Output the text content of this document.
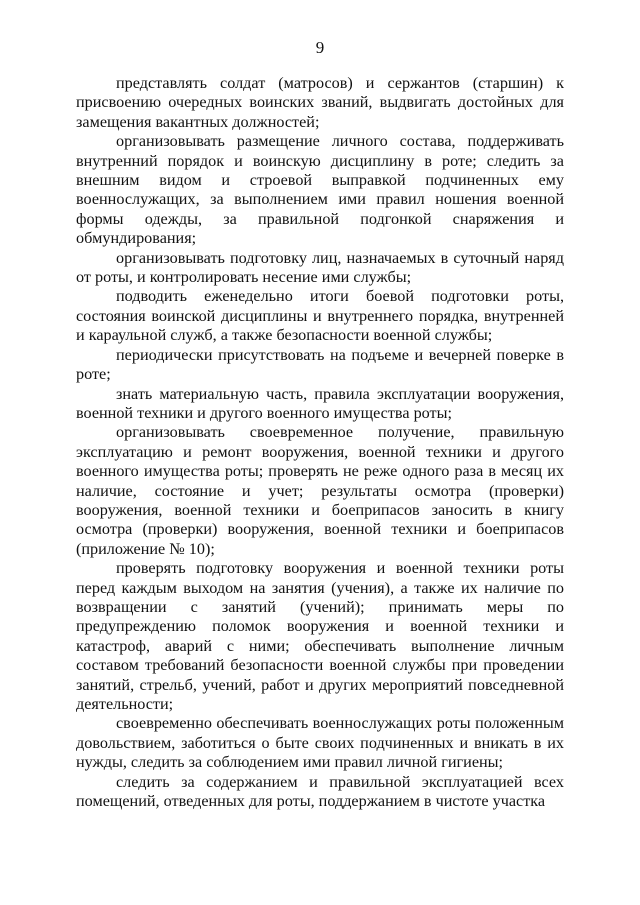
9

представлять солдат (матросов) и сержантов (старшин) к присвоению очередных воинских званий, выдвигать достойных для замещения вакантных должностей;

организовывать размещение личного состава, поддерживать внутренний порядок и воинскую дисциплину в роте; следить за внешним видом и строевой выправкой подчиненных ему военнослужащих, за выполнением ими правил ношения военной формы одежды, за правильной подгонкой снаряжения и обмундирования;

организовывать подготовку лиц, назначаемых в суточный наряд от роты, и контролировать несение ими службы;

подводить еженедельно итоги боевой подготовки роты, состояния воинской дисциплины и внутреннего порядка, внутренней и караульной служб, а также безопасности военной службы;

периодически присутствовать на подъеме и вечерней поверке в роте;

знать материальную часть, правила эксплуатации вооружения, военной техники и другого военного имущества роты;

организовывать своевременное получение, правильную эксплуатацию и ремонт вооружения, военной техники и другого военного имущества роты; проверять не реже одного раза в месяц их наличие, состояние и учет; результаты осмотра (проверки) вооружения, военной техники и боеприпасов заносить в книгу осмотра (проверки) вооружения, военной техники и боеприпасов (приложение № 10);

проверять подготовку вооружения и военной техники роты перед каждым выходом на занятия (учения), а также их наличие по возвращении с занятий (учений); принимать меры по предупреждению поломок вооружения и военной техники и катастроф, аварий с ними; обеспечивать выполнение личным составом требований безопасности военной службы при проведении занятий, стрельб, учений, работ и других мероприятий повседневной деятельности;

своевременно обеспечивать военнослужащих роты положенным довольствием, заботиться о быте своих подчиненных и вникать в их нужды, следить за соблюдением ими правил личной гигиены;

следить за содержанием и правильной эксплуатацией всех помещений, отведенных для роты, поддержанием в чистоте участка
